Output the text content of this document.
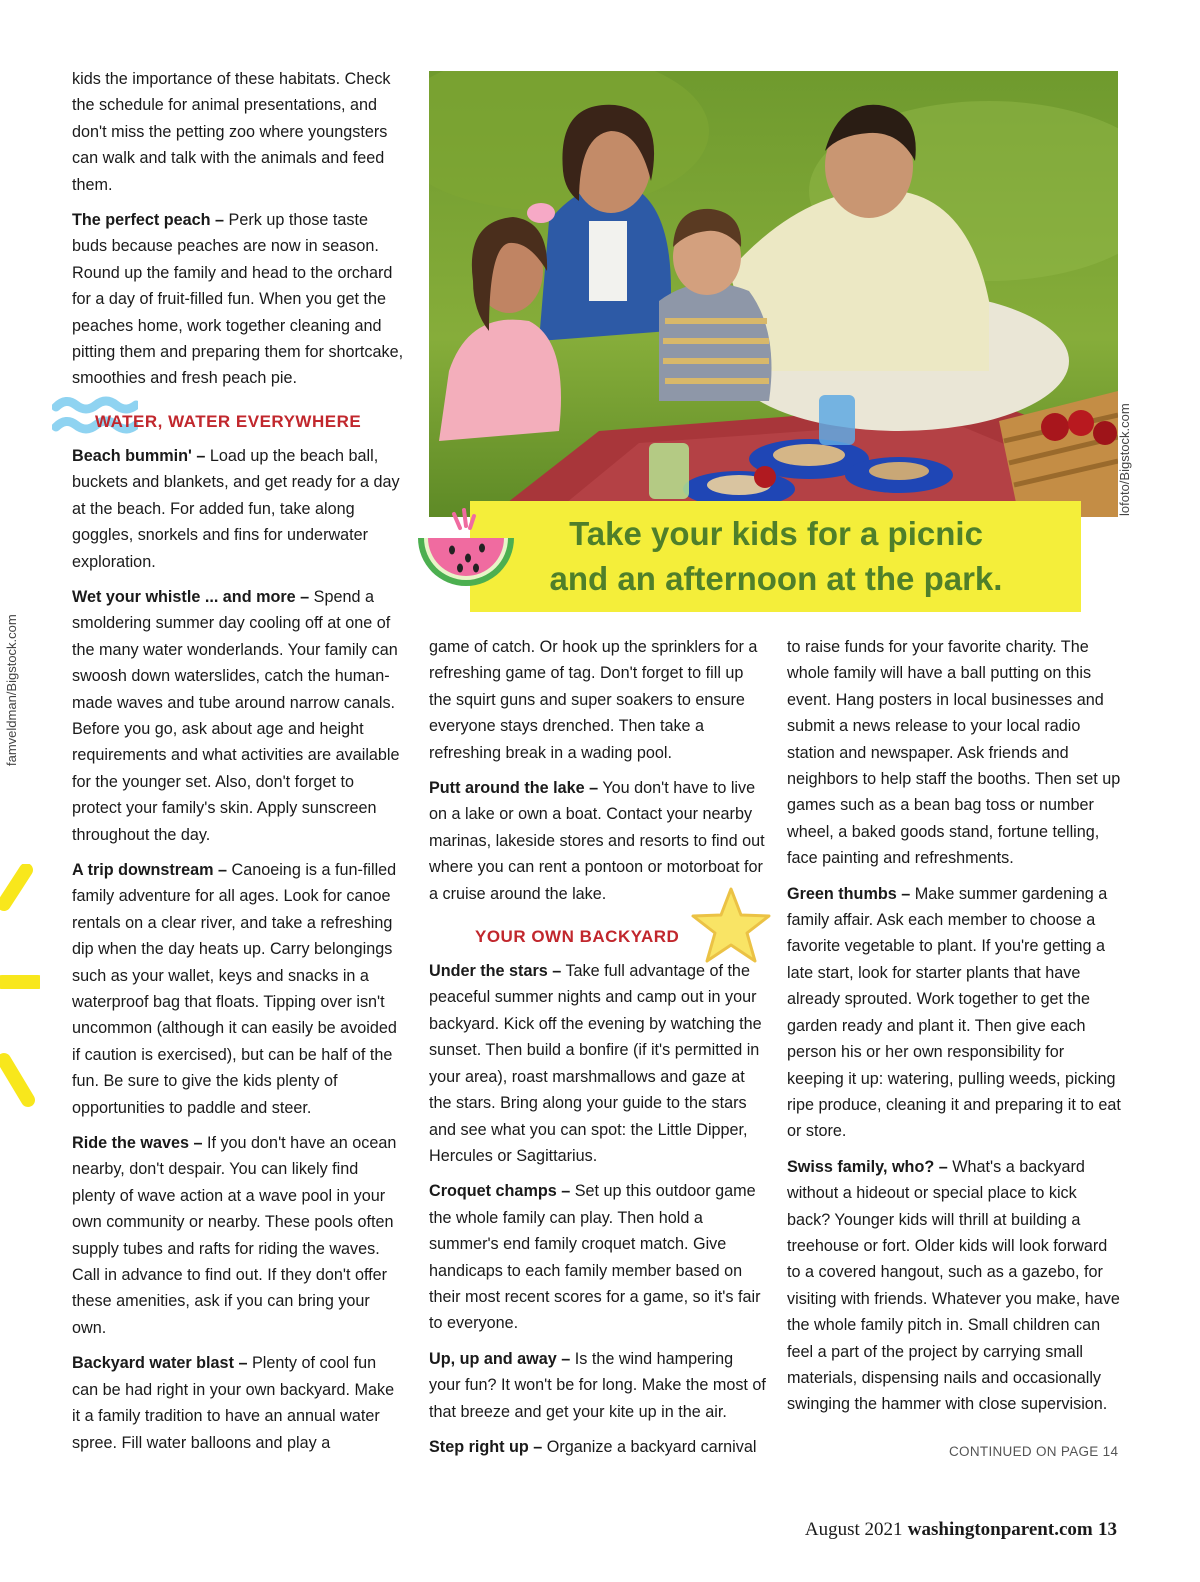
kids the importance of these habitats. Check the schedule for animal presentations, and don't miss the petting zoo where youngsters can walk and talk with the animals and feed them.

The perfect peach – Perk up those taste buds because peaches are now in season. Round up the family and head to the orchard for a day of fruit-filled fun. When you get the peaches home, work together cleaning and pitting them and preparing them for shortcake, smoothies and fresh peach pie.

WATER, WATER EVERYWHERE

Beach bummin' – Load up the beach ball, buckets and blankets, and get ready for a day at the beach. For added fun, take along goggles, snorkels and fins for underwater exploration.

Wet your whistle ... and more – Spend a smoldering summer day cooling off at one of the many water wonderlands. Your family can swoosh down waterslides, catch the human-made waves and tube around narrow canals. Before you go, ask about age and height requirements and what activities are available for the younger set. Also, don't forget to protect your family's skin. Apply sunscreen throughout the day.

A trip downstream – Canoeing is a fun-filled family adventure for all ages. Look for canoe rentals on a clear river, and take a refreshing dip when the day heats up. Carry belongings such as your wallet, keys and snacks in a waterproof bag that floats. Tipping over isn't uncommon (although it can easily be avoided if caution is exercised), but can be half of the fun. Be sure to give the kids plenty of opportunities to paddle and steer.

Ride the waves – If you don't have an ocean nearby, don't despair. You can likely find plenty of wave action at a wave pool in your own community or nearby. These pools often supply tubes and rafts for riding the waves. Call in advance to find out. If they don't offer these amenities, ask if you can bring your own.

Backyard water blast – Plenty of cool fun can be had right in your own backyard. Make it a family tradition to have an annual water spree. Fill water balloons and play a

lofoto/Bigstock.com
Take your kids for a picnic
and an afternoon at the park.
famveldman/Bigstock.com	game of catch. Or hook up the sprinklers for a refreshing game of tag. Don't forget to fill up the squirt guns and super soakers to ensure everyone stays drenched. Then take a refreshing break in a wading pool.

Putt around the lake – You don't have to live on a lake or own a boat. Contact your nearby marinas, lakeside stores and resorts to find out where you can rent a pontoon or motorboat for a cruise around the lake.

YOUR OWN BACKYARD

Under the stars – Take full advantage of the peaceful summer nights and camp out in your backyard. Kick off the evening by watching the sunset. Then build a bonfire (if it's permitted in your area), roast marshmallows and gaze at the stars. Bring along your guide to the stars and see what you can spot: the Little Dipper, Hercules or Sagittarius.

Croquet champs – Set up this outdoor game the whole family can play. Then hold a summer's end family croquet match. Give handicaps to each family member based on their most recent scores for a game, so it's fair to everyone.

Up, up and away – Is the wind hampering your fun? It won't be for long. Make the most of that breeze and get your kite up in the air.

Step right up – Organize a backyard carnival

to raise funds for your favorite charity. The whole family will have a ball putting on this event. Hang posters in local businesses and submit a news release to your local radio station and newspaper. Ask friends and neighbors to help staff the booths. Then set up games such as a bean bag toss or number wheel, a baked goods stand, fortune telling, face painting and refreshments.

Green thumbs – Make summer gardening a family affair. Ask each member to choose a favorite vegetable to plant. If you're getting a late start, look for starter plants that have already sprouted. Work together to get the garden ready and plant it. Then give each person his or her own responsibility for keeping it up: watering, pulling weeds, picking ripe produce, cleaning it and preparing it to eat or store.

Swiss family, who? – What's a backyard without a hideout or special place to kick back? Younger kids will thrill at building a treehouse or fort. Older kids will look forward to a covered hangout, such as a gazebo, for visiting with friends. Whatever you make, have the whole family pitch in. Small children can feel a part of the project by carrying small materials, dispensing nails and occasionally swinging the hammer with close supervision.

CONTINUED ON PAGE 14
August 2021 washingtonparent.com 13
